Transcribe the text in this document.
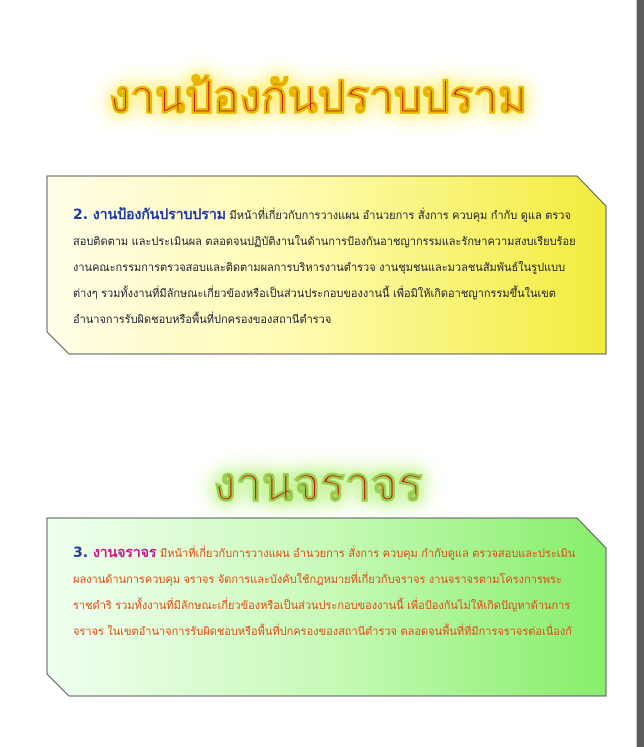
งานป้องกันปราบปราม
2. งานป้องกันปราบปราม มีหน้าที่เกี่ยวกับการวางแผน อำนวยการ สั่งการ ควบคุม กำกับ ดูแล ตรวจสอบติดตาม และประเมินผล ตลอดจนปฏิบัติงานในด้านการป้องกันอาชญากรรมและรักษาความสงบเรียบร้อยงานคณะกรรมการตรวจสอบและติดตามผลการบริหารงานตำรวจ งานชุมชนและมวลชนสัมพันธ์ในรูปแบบต่างๆ รวมทั้งงานที่มีลักษณะเกี่ยวข้องหรือเป็นส่วนประกอบของงานนี้ เพื่อมิให้เกิดอาชญากรรมขึ้นในเขตอำนาจการรับผิดชอบหรือพื้นที่ปกครองของสถานีตำรวจ
งานจราจร
3. งานจราจร มีหน้าที่เกี่ยวกับการวางแผน อำนวยการ สั่งการ ควบคุม กำกับดูแล ตรวจสอบและประเมินผลงานด้านการควบคุม จราจร จัดการและบังคับใช้กฎหมายที่เกี่ยวกับจราจร งานจราจรตามโครงการพระราชดำริ รวมทั้งงานที่มีลักษณะเกี่ยวข้องหรือเป็นส่วนประกอบของงานนี้ เพื่อป้องกันไม่ให้เกิดปัญหาด้านการจราจร ในเขตอำนาจการรับผิดชอบหรือพื้นที่ปกครองของสถานีตำรวจ ตลอดจนพื้นที่ที่มีการจราจรต่อเนื่องกั
